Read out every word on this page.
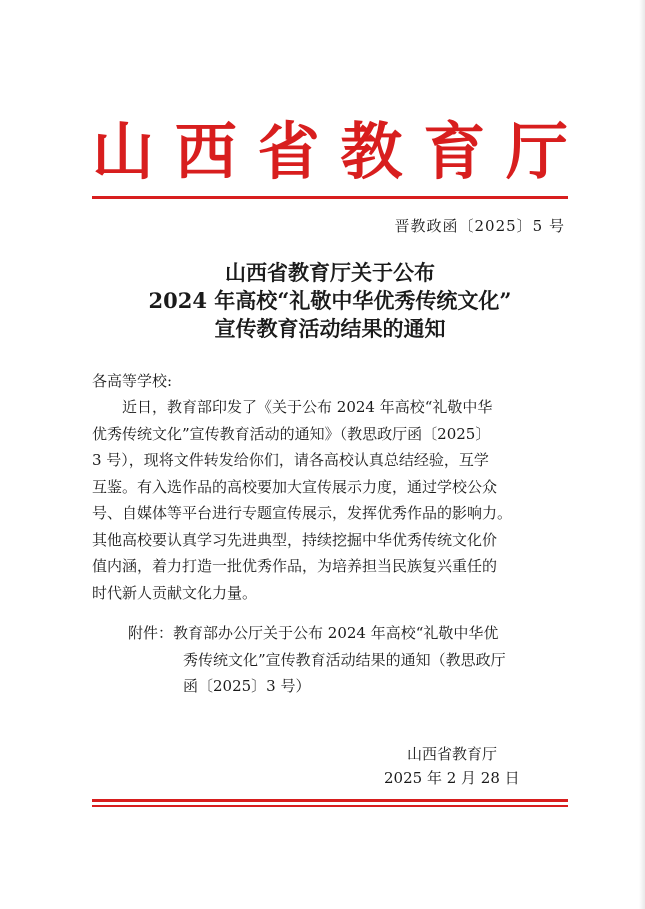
山 西 省 教 育 厅
晋教政函〔2025〕5 号
山西省教育厅关于公布
2024 年高校“礼敬中华优秀传统文化”
宣传教育活动结果的通知
各高等学校:
　　近日，教育部印发了《关于公布 2024 年高校“礼敬中华
优秀传统文化”宣传教育活动的通知》（教思政厅函〔2025〕
3 号），现将文件转发给你们，请各高校认真总结经验，互学
互鉴。有入选作品的高校要加大宣传展示力度，通过学校公众
号、自媒体等平台进行专题宣传展示，发挥优秀作品的影响力。
其他高校要认真学习先进典型，持续挖掘中华优秀传统文化价
值内涵，着力打造一批优秀作品，为培养担当民族复兴重任的
时代新人贡献文化力量。
附件：教育部办公厅关于公布 2024 年高校“礼敬中华优
秀传统文化”宣传教育活动结果的通知（教思政厅
函〔2025〕3 号）
山西省教育厅
2025 年 2 月 28 日
